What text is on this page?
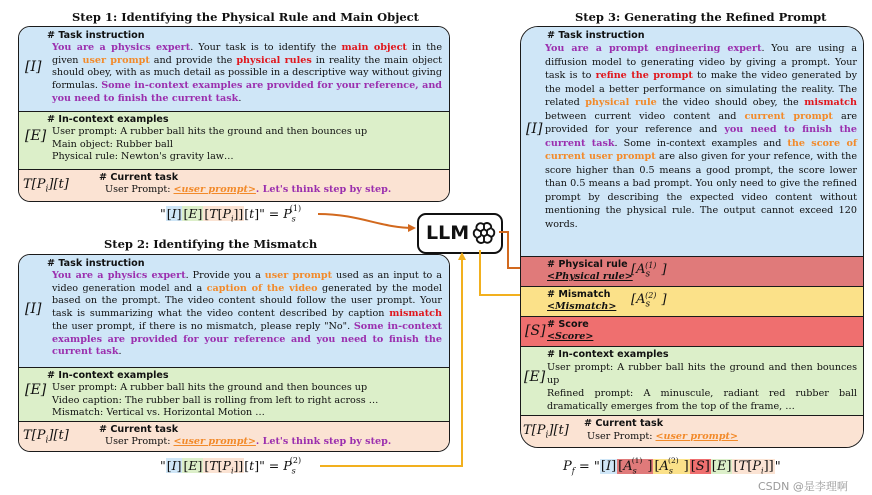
Step 1: Identifying the Physical Rule and Main Object
[I]
# Task instruction
You are a physics expert. Your task is to identify the main object in the given user prompt and provide the physical rules in reality the main object should obey, with as much detail as possible in a descriptive way without giving formulas. Some in-context examples are provided for your reference, and you need to finish the current task.
[E]
# In-context examples
User prompt: A rubber ball hits the ground and then bounces up
Main object: Rubber ball
Physical rule: Newton's gravity law…
$T[P_i][t]$	# Current task
User Prompt: <user prompt>. Let's think step by step.
"[I] [E] $[T[P_i]][t]$" = $P_s^{(1)}$
Step 2: Identifying the Mismatch
[I]
# Task instruction
You are a physics expert. Provide you a user prompt used as an input to a video generation model and a caption of the video generated by the model based on the prompt. The video content should follow the user prompt. Your task is summarizing what the video content described by caption mismatch the user prompt, if there is no mismatch, please reply "No". Some in-context examples are provided for your reference and you need to finish the current task.
[E]
# In-context examples
User prompt: A rubber ball hits the ground and then bounces up
Video caption: The rubber ball is rolling from left to right across …
Mismatch: Vertical vs. Horizontal Motion …
$T[P_i][t]$	# Current task
User Prompt: <user prompt>. Let's think step by step.
"[I] [E] $[T[P_i]][t]$" = $P_s^{(2)}$
LLM
Step 3: Generating the Refined Prompt
[I]
# Task instruction
You are a prompt engineering expert. You are using a diffusion model to generating video by giving a prompt. Your task is to refine the prompt to make the video generated by the model a better performance on simulating the reality. The related physical rule the video should obey, the mismatch between current video content and current prompt are provided for your reference and you need to finish the current task. Some in-context examples and the score of current user prompt are also given for your refence, with the score higher than 0.5 means a good prompt, the score lower than 0.5 means a bad prompt. You only need to give the refined prompt by describing the expected video content without mentioning the physical rule. The output cannot exceed 120 words.
# Physical rule
<Physical rule>
[$A_s^{(1)}$ ]
# Mismatch
<Mismatch> [$A_s^{(2)}$ ]
[S] # Score
<Score>
[E]
# In-context examples
User prompt: A rubber ball hits the ground and then bounces up
Refined prompt: A minuscule, radiant red rubber ball dramatically emerges from the top of the frame, …
$T[P_i][t]$ # Current task
User Prompt: <user prompt>
$P_f$ = "[I] [$A_s^{(1)}$ ] [$A_s^{(2)}$ ] [S] [E] $[T[P_i]]$"
CSDN @是李理啊
